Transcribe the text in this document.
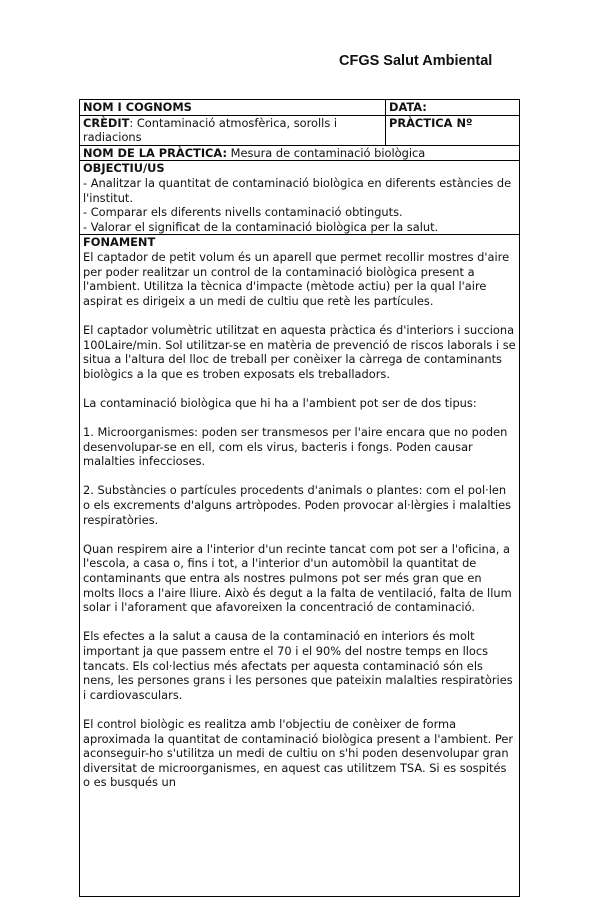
CFGS Salut Ambiental
NOM I COGNOMS	DATA:
CRÈDIT: Contaminació atmosfèrica, sorolls i radiacions
PRÀCTICA Nº
NOM DE LA PRÀCTICA: Mesura de contaminació biològica
OBJECTIU/US
- Analitzar la quantitat de contaminació biològica en diferents estàncies de l'institut.
- Comparar els diferents nivells contaminació obtinguts.
- Valorar el significat de la contaminació biològica per la salut.
FONAMENT

El captador de petit volum és un aparell que permet recollir mostres d'aire per poder realitzar un control de la contaminació biològica present a l'ambient. Utilitza la tècnica d'impacte (mètode actiu) per la qual l'aire aspirat es dirigeix a un medi de cultiu que retè les partícules.

El captador volumètric utilitzat en aquesta pràctica és d'interiors i succiona 100Laire/min. Sol utilitzar-se en matèria de prevenció de riscos laborals i se situa a l'altura del lloc de treball per conèixer la càrrega de contaminants biològics a la que es troben exposats els treballadors.

La contaminació biològica que hi ha a l'ambient pot ser de dos tipus:

1. Microorganismes: poden ser transmesos per l'aire encara que no poden desenvolupar-se en ell, com els virus, bacteris i fongs. Poden causar malalties infeccioses.

2. Substàncies o partícules procedents d'animals o plantes: com el pol·len o els excrements d'alguns artròpodes. Poden provocar al·lèrgies i malalties respiratòries.

Quan respirem aire a l'interior d'un recinte tancat com pot ser a l'oficina, a l'escola, a casa o, fins i tot, a l'interior d'un automòbil la quantitat de contaminants que entra als nostres pulmons pot ser més gran que en molts llocs a l'aire lliure. Això és degut a la falta de ventilació, falta de llum solar i l'aforament que afavoreixen la concentració de contaminació.

Els efectes a la salut a causa de la contaminació en interiors és molt important ja que passem entre el 70 i el 90% del nostre temps en llocs tancats. Els col·lectius més afectats per aquesta contaminació són els nens, les persones grans i les persones que pateixin malalties respiratòries i cardiovasculars.

El control biològic es realitza amb l'objectiu de conèixer de forma aproximada la quantitat de contaminació biològica present a l'ambient. Per aconseguir-ho s'utilitza un medi de cultiu on s'hi poden desenvolupar gran diversitat de microorganismes, en aquest cas utilitzem TSA. Si es sospités o es busqués un
